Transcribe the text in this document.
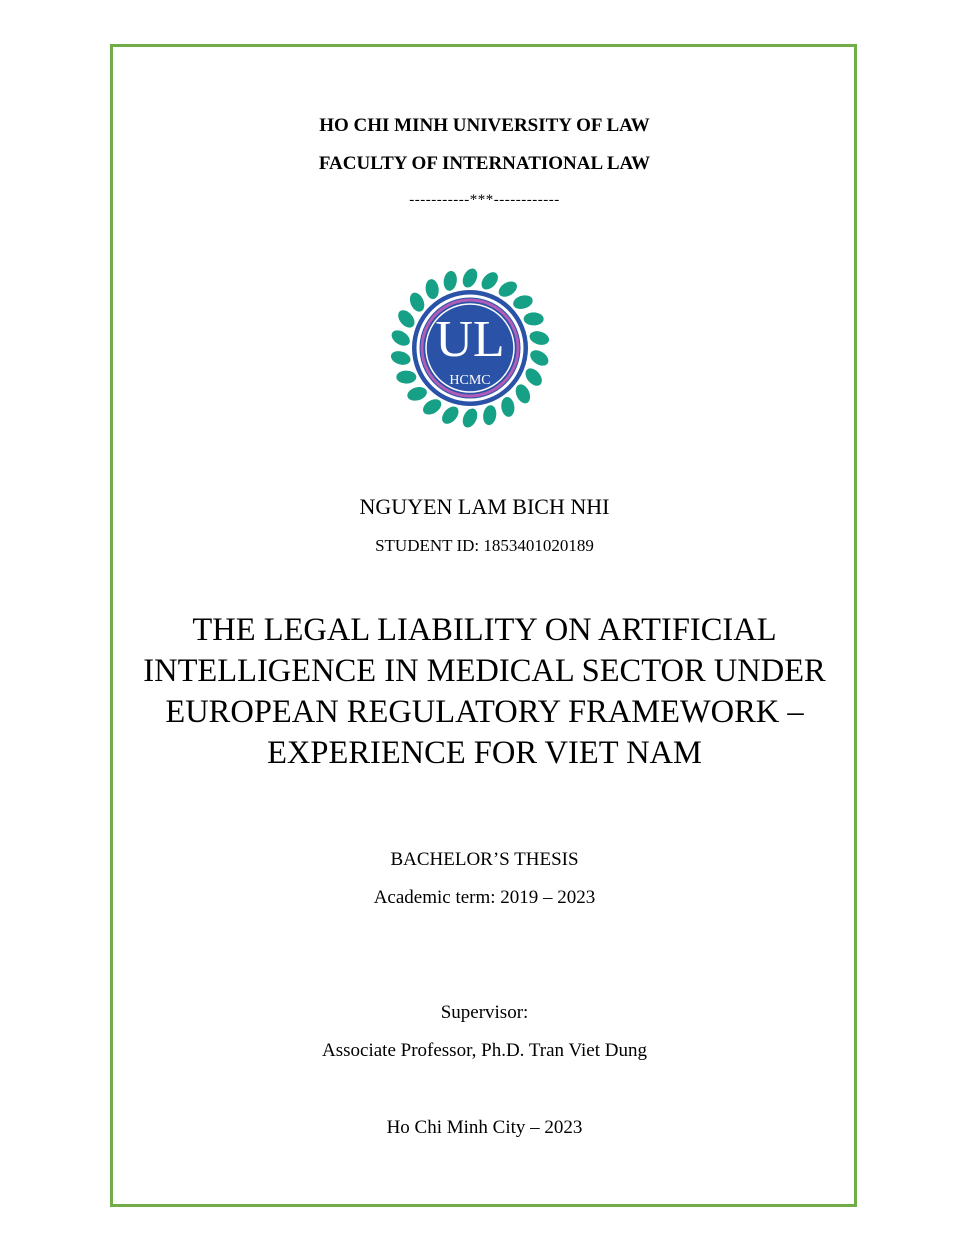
HO CHI MINH UNIVERSITY OF LAW
FACULTY OF INTERNATIONAL LAW
-----------***------------
UL
HCMC
NGUYEN LAM BICH NHI
STUDENT ID: 1853401020189
THE LEGAL LIABILITY ON ARTIFICIAL
INTELLIGENCE IN MEDICAL SECTOR UNDER
EUROPEAN REGULATORY FRAMEWORK –
EXPERIENCE FOR VIET NAM
BACHELOR’S THESIS
Academic term: 2019 – 2023
Supervisor:
Associate Professor, Ph.D. Tran Viet Dung
Ho Chi Minh City – 2023
